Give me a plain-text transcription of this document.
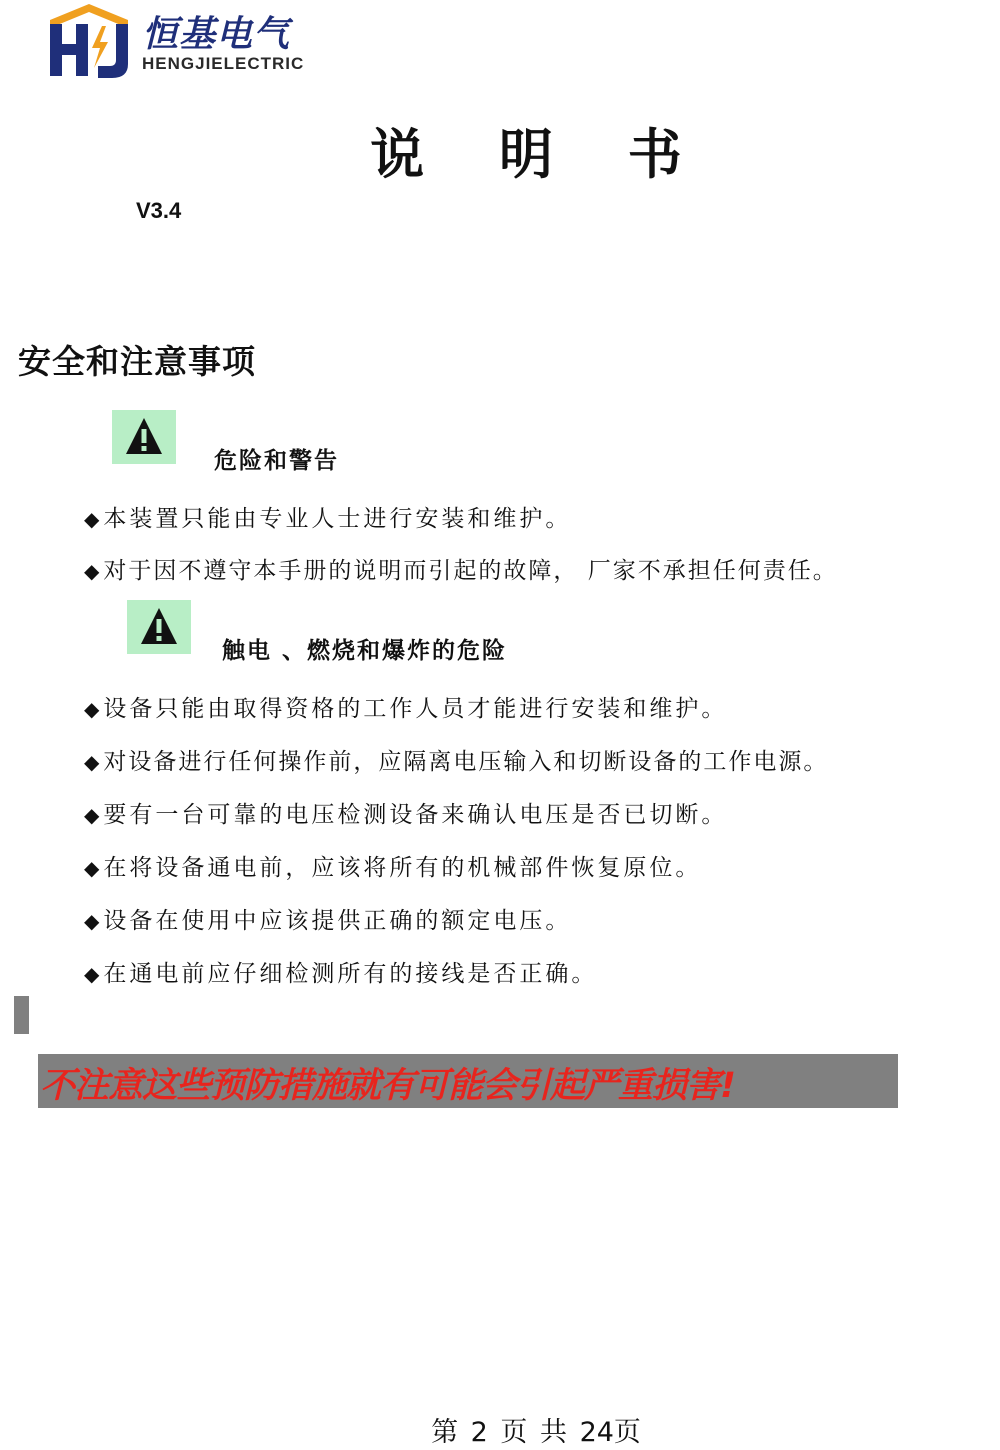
恒基电气
HENGJIELECTRIC
说 明 书
V3.4
安全和注意事项
危险和警告
◆ 本装置只能由专业人士进行安装和维护。
◆ 对于因不遵守本手册的说明而引起的故障， 厂家不承担任何责任。
触电 、燃烧和爆炸的危险
◆ 设备只能由取得资格的工作人员才能进行安装和维护。
◆ 对设备进行任何操作前，应隔离电压输入和切断设备的工作电源。
◆ 要有一台可靠的电压检测设备来确认电压是否已切断。
◆ 在将设备通电前，应该将所有的机械部件恢复原位。
◆ 设备在使用中应该提供正确的额定电压。
◆ 在通电前应仔细检测所有的接线是否正确。
不注意这些预防措施就有可能会引起严重损害!
第 2 页 共 24页
